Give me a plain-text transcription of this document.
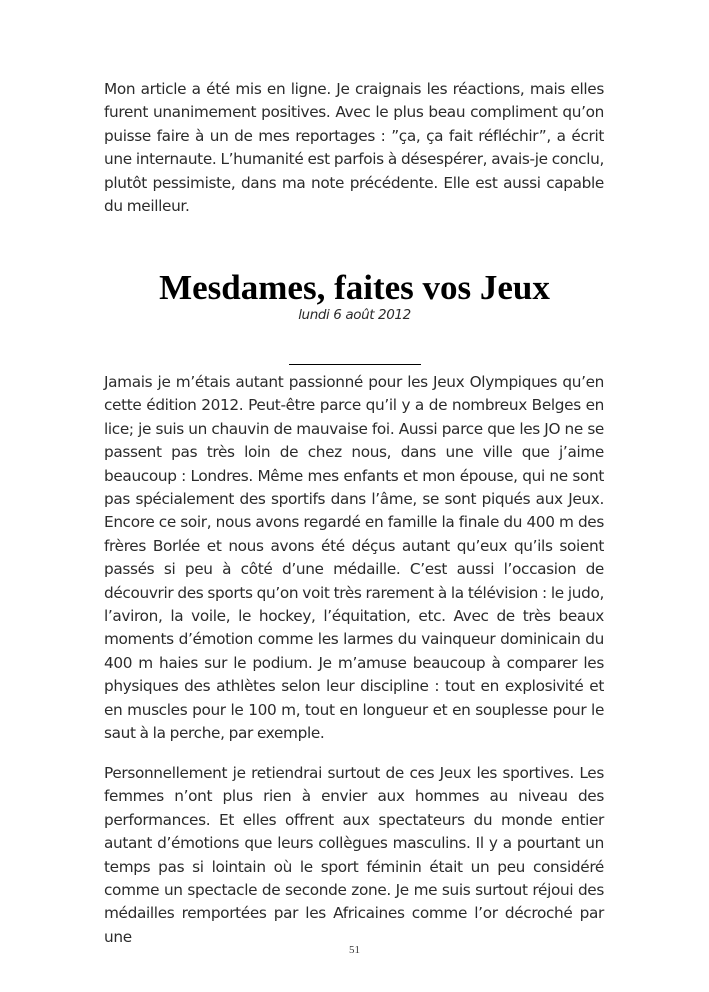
Mon article a été mis en ligne. Je craignais les réactions, mais elles furent unanimement positives. Avec le plus beau compliment qu’on puisse faire à un de mes reportages : ”ça, ça fait réfléchir”, a écrit une internaute. L’humanité est parfois à désespérer, avais-je conclu, plutôt pessimiste, dans ma note précédente. Elle est aussi capable du meilleur.

Mesdames, faites vos Jeux
lundi 6 août 2012

Jamais je m’étais autant passionné pour les Jeux Olympiques qu’en cette édition 2012. Peut-être parce qu’il y a de nombreux Belges en lice; je suis un chauvin de mauvaise foi. Aussi parce que les JO ne se passent pas très loin de chez nous, dans une ville que j’aime beaucoup : Londres. Même mes enfants et mon épouse, qui ne sont pas spécialement des sportifs dans l’âme, se sont piqués aux Jeux. Encore ce soir, nous avons regardé en famille la finale du 400 m des frères Borlée et nous avons été déçus autant qu’eux qu’ils soient passés si peu à côté d’une médaille. C’est aussi l’occasion de découvrir des sports qu’on voit très rarement à la télévision : le judo, l’aviron, la voile, le hockey, l’équitation, etc. Avec de très beaux moments d’émotion comme les larmes du vainqueur dominicain du 400 m haies sur le podium. Je m’amuse beaucoup à comparer les physiques des athlètes selon leur discipline : tout en explosivité et en muscles pour le 100 m, tout en longueur et en souplesse pour le saut à la perche, par exemple.

Personnellement je retiendrai surtout de ces Jeux les sportives. Les femmes n’ont plus rien à envier aux hommes au niveau des performances. Et elles offrent aux spectateurs du monde entier autant d’émotions que leurs collègues masculins. Il y a pourtant un temps pas si lointain où le sport féminin était un peu considéré comme un spectacle de seconde zone. Je me suis surtout réjoui des médailles remportées par les Africaines comme l’or décroché par une

51
